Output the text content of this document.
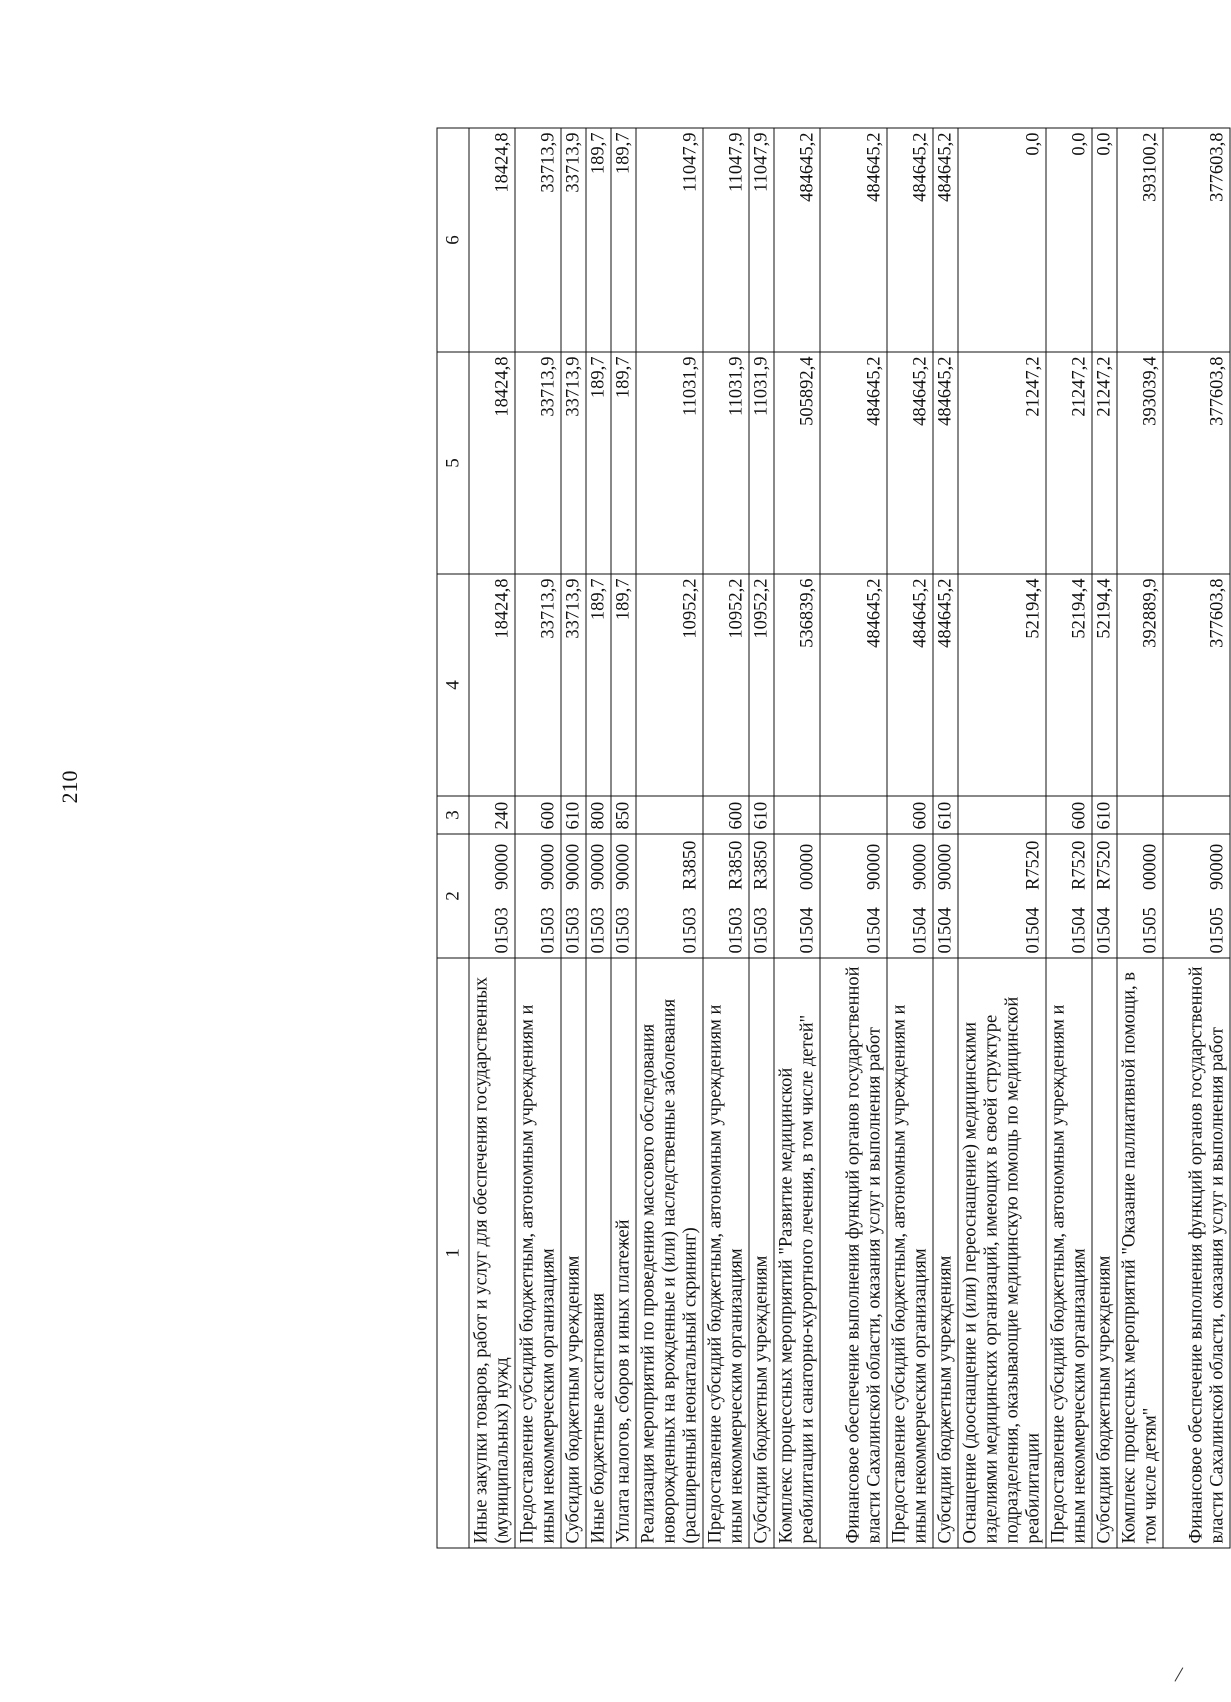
210
1	2		3	4	5	6
Иные закупки товаров, работ и услуг для обеспечения государственных (муниципальных) нужд	01503	90000	240	18424,8	18424,8	18424,8
Предоставление субсидий бюджетным, автономным учреждениям и иным некоммерческим организациям	01503	90000	600	33713,9	33713,9	33713,9
Субсидии бюджетным учреждениям	01503	90000	610	33713,9	33713,9	33713,9
Иные бюджетные ассигнования	01503	90000	800	189,7	189,7	189,7
Уплата налогов, сборов и иных платежей	01503	90000	850	189,7	189,7	189,7
Реализация мероприятий по проведению массового обследования новорожденных на врожденные и (или) наследственные заболевания (расширенный неонатальный скрининг)	01503	R3850		10952,2	11031,9	11047,9
Предоставление субсидий бюджетным, автономным учреждениям и иным некоммерческим организациям	01503	R3850	600	10952,2	11031,9	11047,9
Субсидии бюджетным учреждениям	01503	R3850	610	10952,2	11031,9	11047,9
Комплекс процессных мероприятий "Развитие медицинской реабилитации и санаторно-курортного лечения, в том числе детей"	01504	00000		536839,6	505892,4	484645,2
Финансовое обеспечение выполнения функций органов государственной власти Сахалинской области, оказания услуг и выполнения работ	01504	90000		484645,2	484645,2	484645,2
Предоставление субсидий бюджетным, автономным учреждениям и иным некоммерческим организациям	01504	90000	600	484645,2	484645,2	484645,2
Субсидии бюджетным учреждениям	01504	90000	610	484645,2	484645,2	484645,2
Оснащение (дооснащение и (или) переоснащение) медицинскими изделиями медицинских организаций, имеющих в своей структуре подразделения, оказывающие медицинскую помощь по медицинской реабилитации	01504	R7520		52194,4	21247,2	0,0
Предоставление субсидий бюджетным, автономным учреждениям и иным некоммерческим организациям	01504	R7520	600	52194,4	21247,2	0,0
Субсидии бюджетным учреждениям	01504	R7520	610	52194,4	21247,2	0,0
Комплекс процессных мероприятий "Оказание паллиативной помощи, в том числе детям"	01505	00000		392889,9	393039,4	393100,2
Финансовое обеспечение выполнения функций органов государственной власти Сахалинской области, оказания услуг и выполнения работ	01505	90000		377603,8	377603,8	377603,8
